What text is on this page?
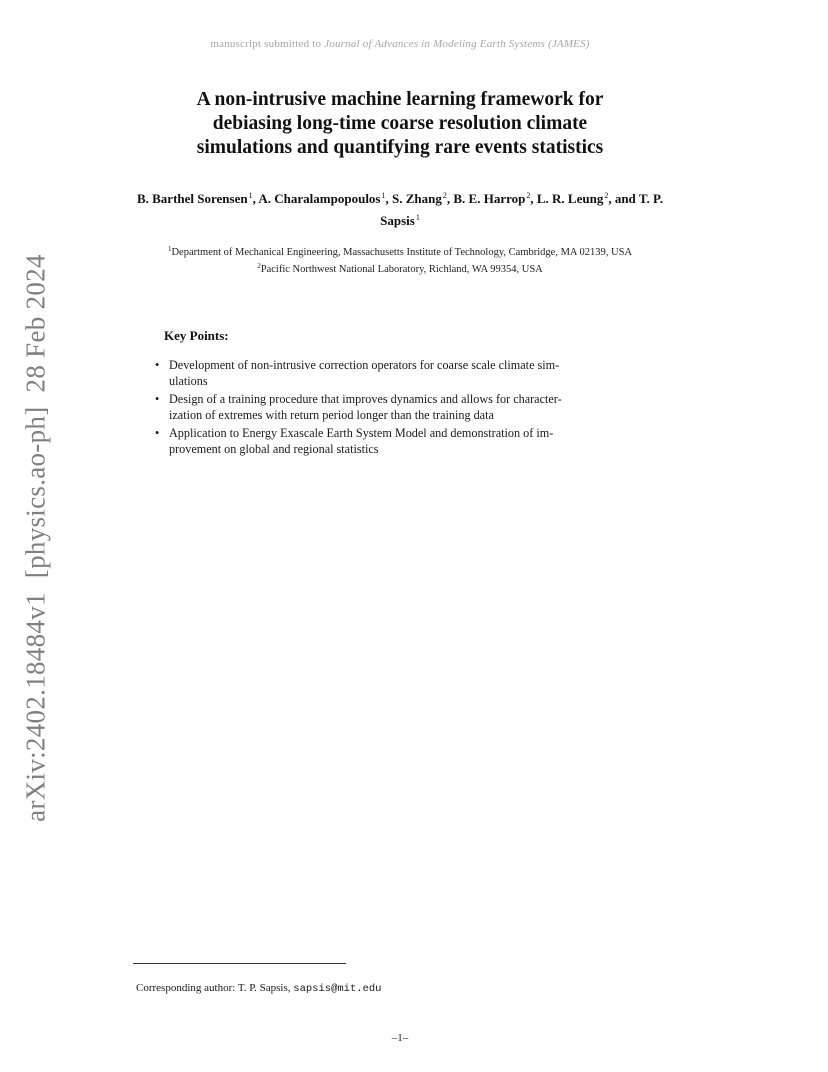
manuscript submitted to Journal of Advances in Modeling Earth Systems (JAMES)
arXiv:2402.18484v1[physics.ao-ph]28 Feb 2024
A non-intrusive machine learning framework for
debiasing long-time coarse resolution climate
simulations and quantifying rare events statistics
B. Barthel Sorensen$^1$, A. Charalampopoulos$^1$, S. Zhang$^2$, B. E. Harrop$^2$, L. R. Leung$^2$, and T. P. Sapsis$^1$
$^1$Department of Mechanical Engineering, Massachusetts Institute of Technology, Cambridge, MA 02139, USA
$^2$Pacific Northwest National Laboratory, Richland, WA 99354, USA
Key Points:
• Development of non-intrusive correction operators for coarse scale climate sim-
ulations
• Design of a training procedure that improves dynamics and allows for character-
ization of extremes with return period longer than the training data
• Application to Energy Exascale Earth System Model and demonstration of im-
provement on global and regional statistics
Corresponding author: T. P. Sapsis, sapsis@mit.edu
–1–
